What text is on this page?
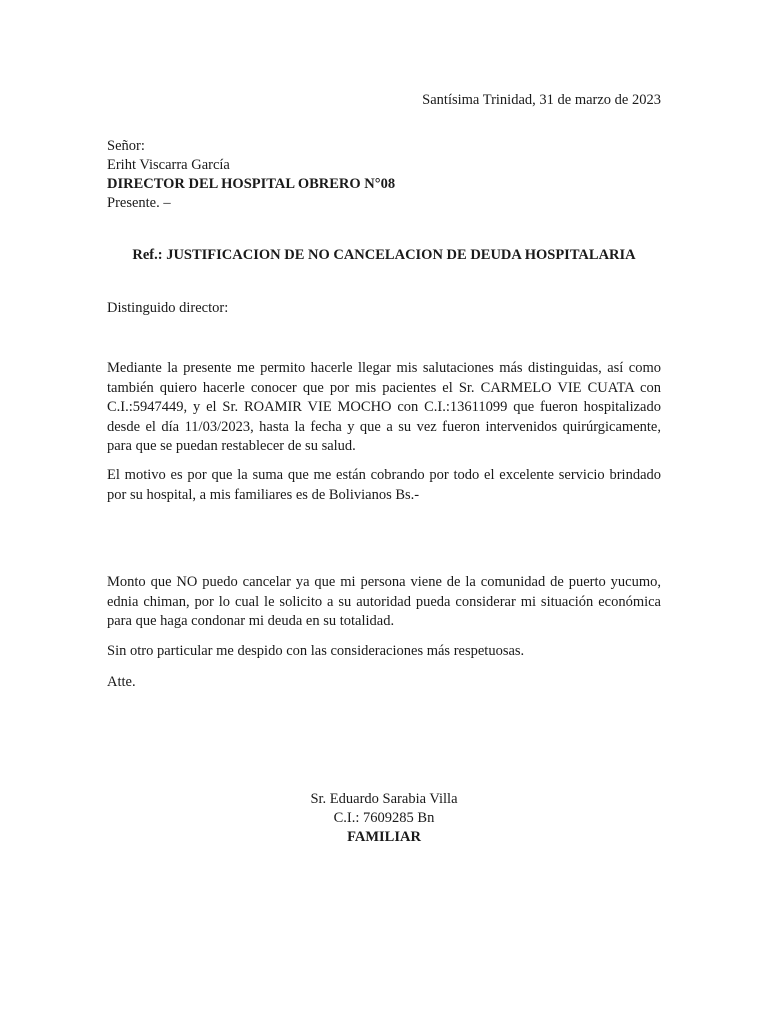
Santísima Trinidad, 31 de marzo de 2023
Señor:
Eriht Viscarra García
DIRECTOR DEL HOSPITAL OBRERO N°08
Presente. –
Ref.: JUSTIFICACION DE NO CANCELACION DE DEUDA HOSPITALARIA
Distinguido director:
Mediante la presente me permito hacerle llegar mis salutaciones más distinguidas, así como también quiero hacerle conocer que por mis pacientes el Sr. CARMELO VIE CUATA con C.I.:5947449, y el Sr. ROAMIR VIE MOCHO con C.I.:13611099 que fueron hospitalizado desde el día 11/03/2023, hasta la fecha y que a su vez fueron intervenidos quirúrgicamente, para que se puedan restablecer de su salud.
El motivo es por que la suma que me están cobrando por todo el excelente servicio brindado por su hospital, a mis familiares es de Bolivianos Bs.-
Monto que NO puedo cancelar ya que mi persona viene de la comunidad de puerto yucumo, ednia chiman, por lo cual le solicito a su autoridad pueda considerar mi situación económica para que haga condonar mi deuda en su totalidad.
Sin otro particular me despido con las consideraciones más respetuosas.
Atte.
Sr. Eduardo Sarabia Villa
C.I.: 7609285 Bn
FAMILIAR
